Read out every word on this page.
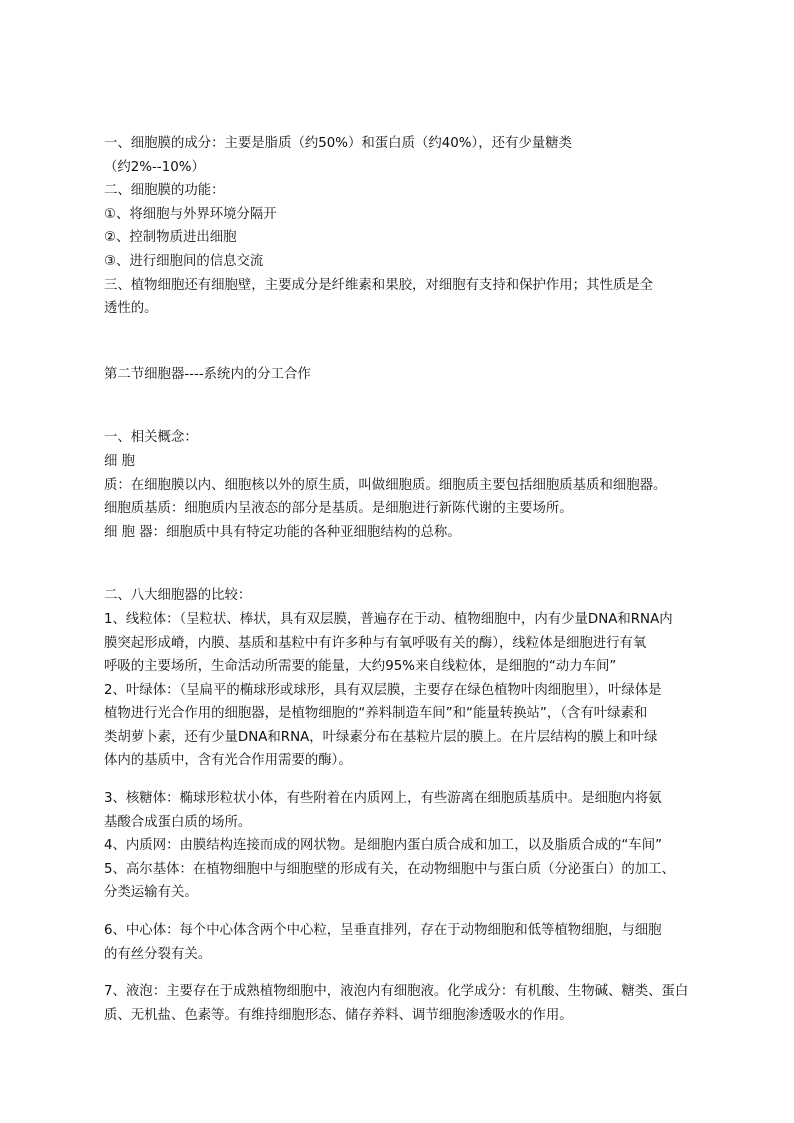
一、细胞膜的成分：主要是脂质（约50%）和蛋白质（约40%），还有少量糖类
（约2%--10%）
二、细胞膜的功能：
①、将细胞与外界环境分隔开
②、控制物质进出细胞
③、进行细胞间的信息交流
三、植物细胞还有细胞壁，主要成分是纤维素和果胶，对细胞有支持和保护作用；其性质是全
透性的。
第二节细胞器----系统内的分工合作
一、相关概念：
细 胞
质：在细胞膜以内、细胞核以外的原生质，叫做细胞质。细胞质主要包括细胞质基质和细胞器。
细胞质基质：细胞质内呈液态的部分是基质。是细胞进行新陈代谢的主要场所。
细 胞 器：细胞质中具有特定功能的各种亚细胞结构的总称。
二、八大细胞器的比较：
1、线粒体：（呈粒状、棒状，具有双层膜，普遍存在于动、植物细胞中，内有少量DNA和RNA内
膜突起形成嵴，内膜、基质和基粒中有许多种与有氧呼吸有关的酶），线粒体是细胞进行有氧
呼吸的主要场所，生命活动所需要的能量，大约95%来自线粒体，是细胞的“动力车间”
2、叶绿体：（呈扁平的椭球形或球形，具有双层膜，主要存在绿色植物叶肉细胞里），叶绿体是
植物进行光合作用的细胞器，是植物细胞的“养料制造车间”和“能量转换站”，（含有叶绿素和
类胡萝卜素，还有少量DNA和RNA，叶绿素分布在基粒片层的膜上。在片层结构的膜上和叶绿
体内的基质中，含有光合作用需要的酶）。
3、核糖体：椭球形粒状小体，有些附着在内质网上，有些游离在细胞质基质中。是细胞内将氨
基酸合成蛋白质的场所。
4、内质网：由膜结构连接而成的网状物。是细胞内蛋白质合成和加工，以及脂质合成的“车间”
5、高尔基体：在植物细胞中与细胞壁的形成有关，在动物细胞中与蛋白质（分泌蛋白）的加工、
分类运输有关。
6、中心体：每个中心体含两个中心粒，呈垂直排列，存在于动物细胞和低等植物细胞，与细胞
的有丝分裂有关。
7、液泡：主要存在于成熟植物细胞中，液泡内有细胞液。化学成分：有机酸、生物碱、糖类、蛋白
质、无机盐、色素等。有维持细胞形态、储存养料、调节细胞渗透吸水的作用。
